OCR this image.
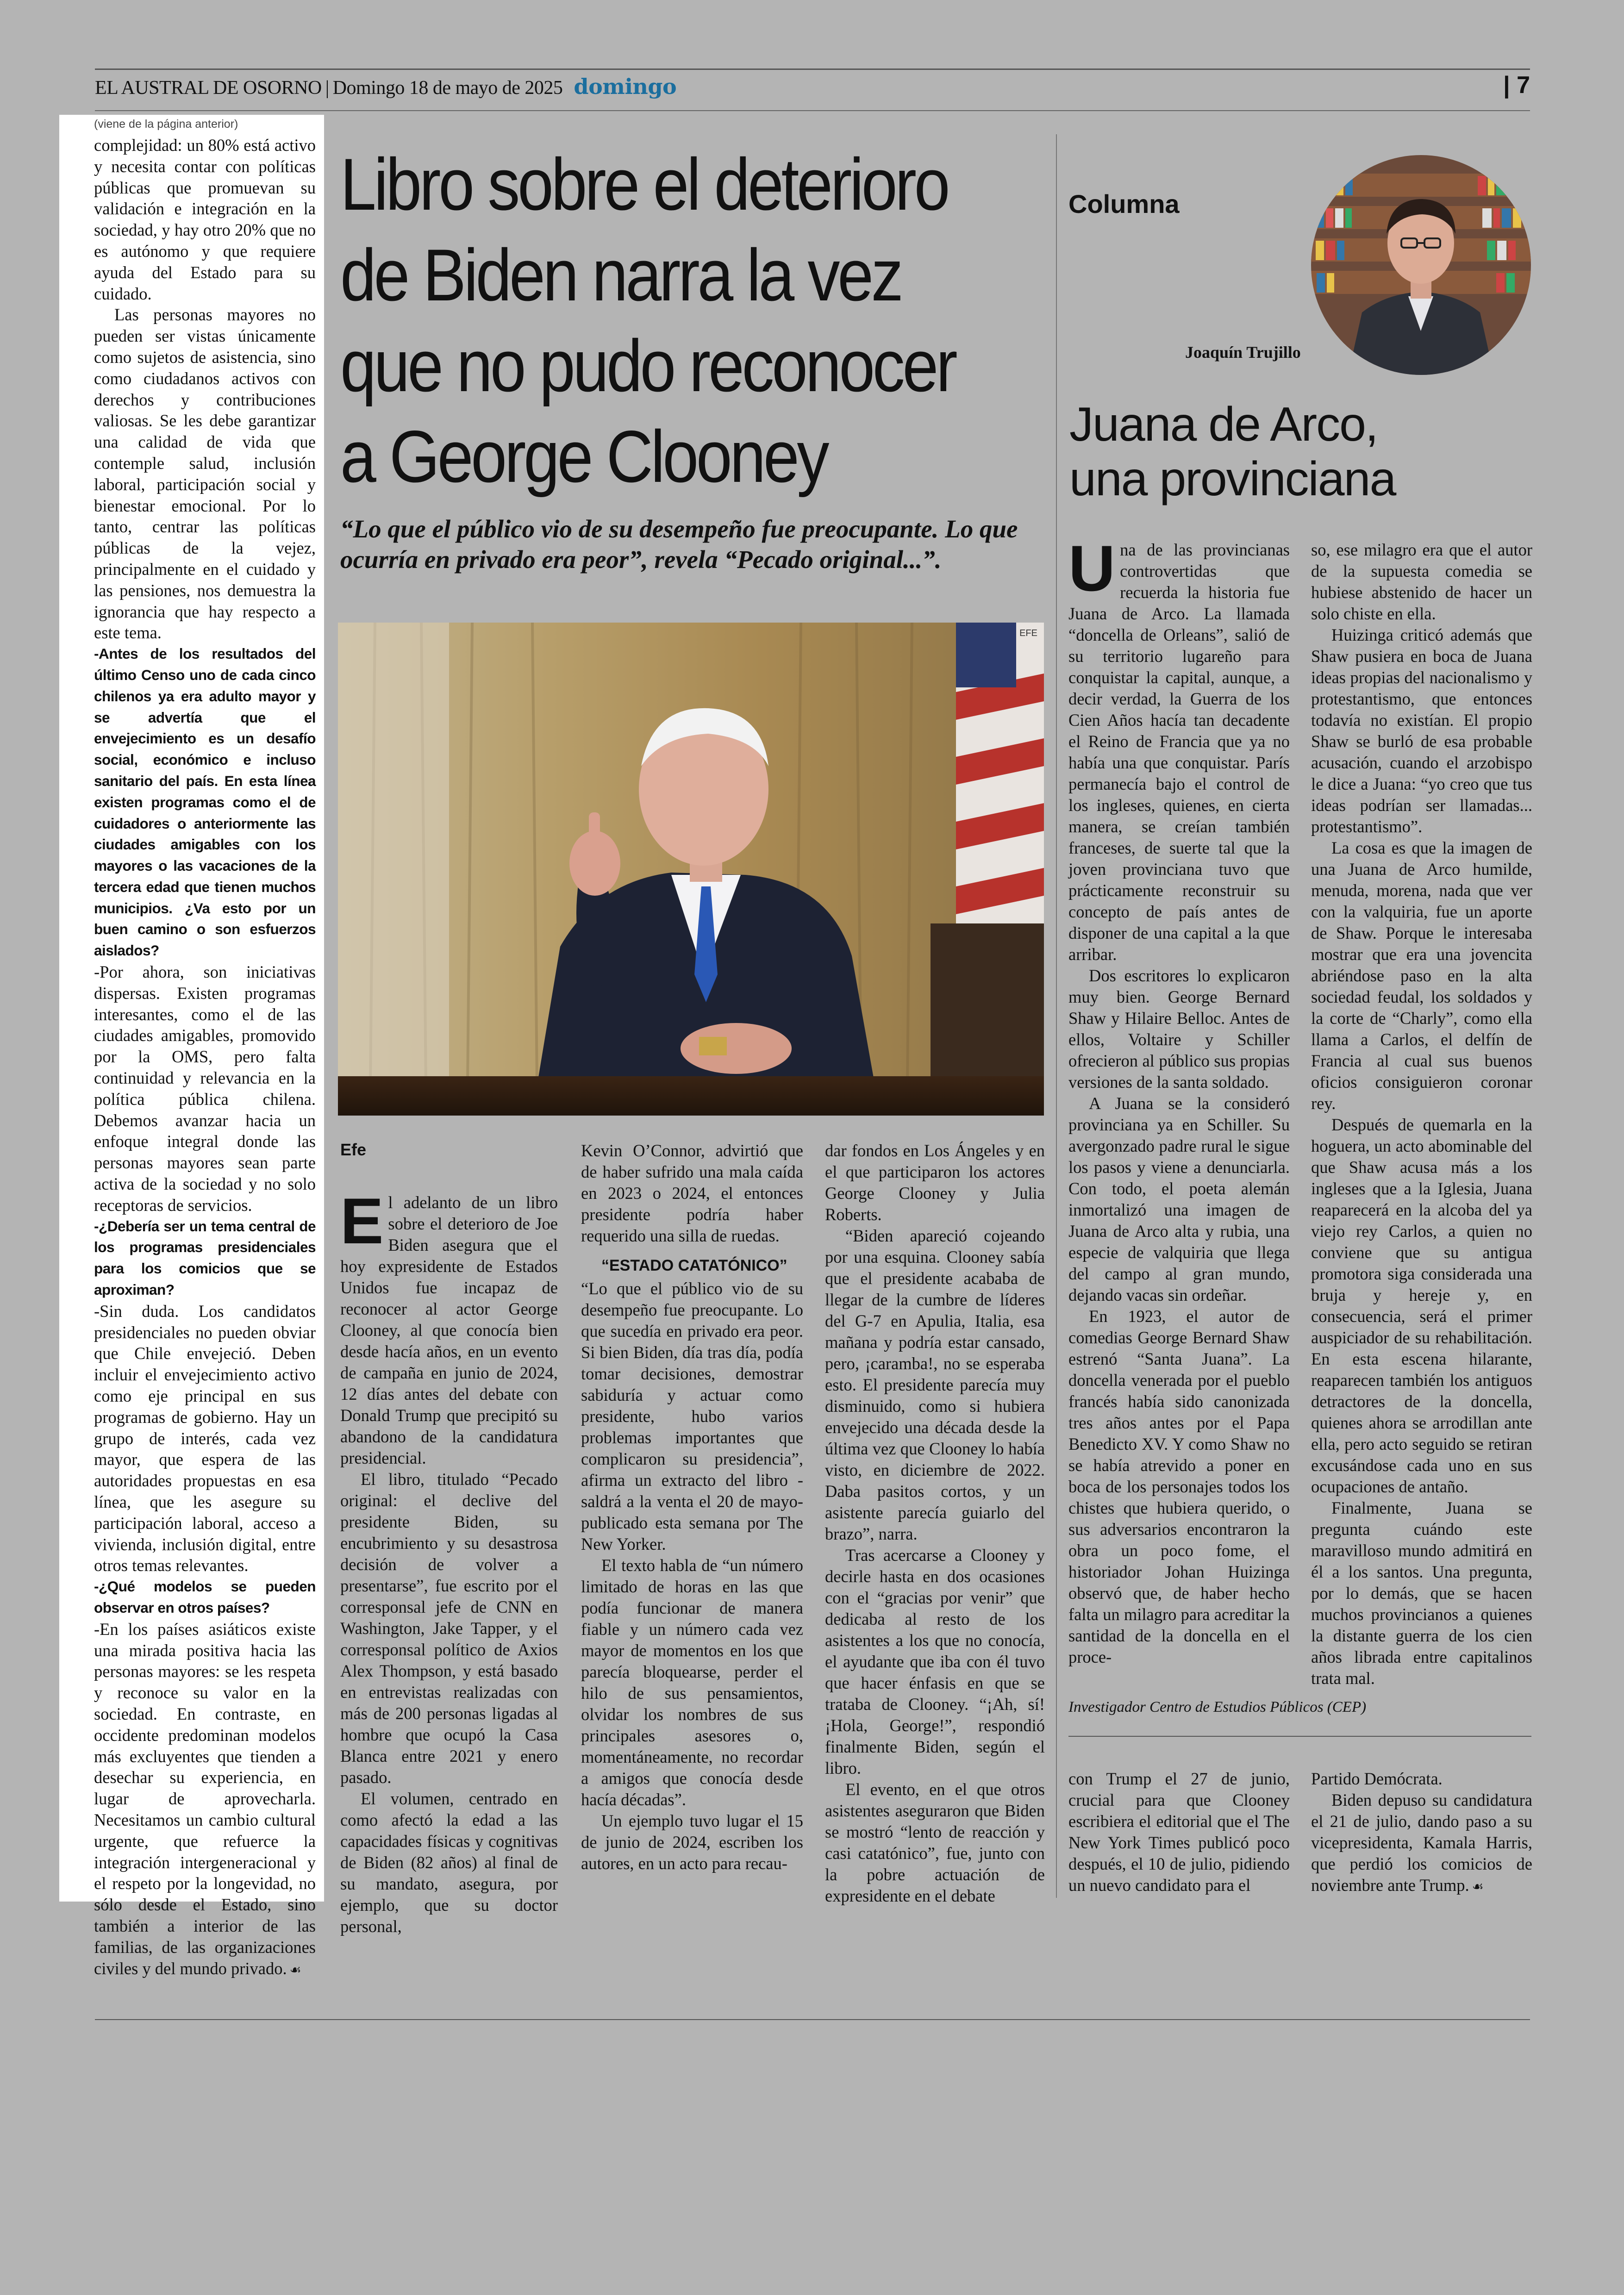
EL AUSTRAL DE OSORNO | Domingo 18 de mayo de 2025 domingo	| 7
(viene de la página anterior)

complejidad: un 80% está activo y necesita contar con políticas públicas que promuevan su validación e integración en la sociedad, y hay otro 20% que no es autónomo y que requiere ayuda del Estado para su cuidado.

Las personas mayores no pueden ser vistas únicamente como sujetos de asistencia, sino como ciudadanos activos con derechos y contribuciones valiosas. Se les debe garantizar una calidad de vida que contemple salud, inclusión laboral, participación social y bienestar emocional. Por lo tanto, centrar las políticas públicas de la vejez, principalmente en el cuidado y las pensiones, nos demuestra la ignorancia que hay respecto a este tema.

-Antes de los resultados del último Censo uno de cada cinco chilenos ya era adulto mayor y se advertía que el envejecimiento es un desafío social, económico e incluso sanitario del país. En esta línea existen programas como el de cuidadores o anteriormente las ciudades amigables con los mayores o las vacaciones de la tercera edad que tienen muchos municipios. ¿Va esto por un buen camino o son esfuerzos aislados?

-Por ahora, son iniciativas dispersas. Existen programas interesantes, como el de las ciudades amigables, promovido por la OMS, pero falta continuidad y relevancia en la política pública chilena. Debemos avanzar hacia un enfoque integral donde las personas mayores sean parte activa de la sociedad y no solo receptoras de servicios.

-¿Debería ser un tema central de los programas presidenciales para los comicios que se aproximan?

-Sin duda. Los candidatos presidenciales no pueden obviar que Chile envejeció. Deben incluir el envejecimiento activo como eje principal en sus programas de gobierno. Hay un grupo de interés, cada vez mayor, que espera de las autoridades propuestas en esa línea, que les asegure su participación laboral, acceso a vivienda, inclusión digital, entre otros temas relevantes.

-¿Qué modelos se pueden observar en otros países?

-En los países asiáticos existe una mirada positiva hacia las personas mayores: se les respeta y reconoce su valor en la sociedad. En contraste, en occidente predominan modelos más excluyentes que tienden a desechar su experiencia, en lugar de aprovecharla. Necesitamos un cambio cultural urgente, que refuerce la integración intergeneracional y el respeto por la longevidad, no sólo desde el Estado, sino también a interior de las familias, de las organizaciones civiles y del mundo privado. ☙

Libro sobre el deterioro
de Biden narra la vez
que no pudo reconocer
a George Clooney
“Lo que el público vio de su desempeño fue preocupante. Lo que ocurría en privado era peor”, revela “Pecado original...”.
EFE
Efe

El adelanto de un libro sobre el deterioro de Joe Biden asegura que el hoy expresidente de Estados Unidos fue incapaz de reconocer al actor George Clooney, al que conocía bien desde hacía años, en un evento de campaña en junio de 2024, 12 días antes del debate con Donald Trump que precipitó su abandono de la candidatura presidencial.

El libro, titulado “Pecado original: el declive del presidente Biden, su encubrimiento y su desastrosa decisión de volver a presentarse”, fue escrito por el corresponsal jefe de CNN en Washington, Jake Tapper, y el corresponsal político de Axios Alex Thompson, y está basado en entrevistas realizadas con más de 200 personas ligadas al hombre que ocupó la Casa Blanca entre 2021 y enero pasado.

El volumen, centrado en como afectó la edad a las capacidades físicas y cognitivas de Biden (82 años) al final de su mandato, asegura, por ejemplo, que su doctor personal,

Kevin O’Connor, advirtió que de haber sufrido una mala caída en 2023 o 2024, el entonces presidente podría haber requerido una silla de ruedas.

“ESTADO CATATÓNICO”

“Lo que el público vio de su desempeño fue preocupante. Lo que sucedía en privado era peor. Si bien Biden, día tras día, podía tomar decisiones, demostrar sabiduría y actuar como presidente, hubo varios problemas importantes que complicaron su presidencia”, afirma un extracto del libro -saldrá a la venta el 20 de mayo- publicado esta semana por The New Yorker.

El texto habla de “un número limitado de horas en las que podía funcionar de manera fiable y un número cada vez mayor de momentos en los que parecía bloquearse, perder el hilo de sus pensamientos, olvidar los nombres de sus principales asesores o, momentáneamente, no recordar a amigos que conocía desde hacía décadas”.

Un ejemplo tuvo lugar el 15 de junio de 2024, escriben los autores, en un acto para recau-

dar fondos en Los Ángeles y en el que participaron los actores George Clooney y Julia Roberts.

“Biden apareció cojeando por una esquina. Clooney sabía que el presidente acababa de llegar de la cumbre de líderes del G-7 en Apulia, Italia, esa mañana y podría estar cansado, pero, ¡caramba!, no se esperaba esto. El presidente parecía muy disminuido, como si hubiera envejecido una década desde la última vez que Clooney lo había visto, en diciembre de 2022. Daba pasitos cortos, y un asistente parecía guiarlo del brazo”, narra.

Tras acercarse a Clooney y decirle hasta en dos ocasiones con el “gracias por venir” que dedicaba al resto de los asistentes a los que no conocía, el ayudante que iba con él tuvo que hacer énfasis en que se trataba de Clooney. “¡Ah, sí! ¡Hola, George!”, respondió finalmente Biden, según el libro.

El evento, en el que otros asistentes aseguraron que Biden se mostró “lento de reacción y casi catatónico”, fue, junto con la pobre actuación de expresidente en el debate

con Trump el 27 de junio, crucial para que Clooney escribiera el editorial que el The New York Times publicó poco después, el 10 de julio, pidiendo un nuevo candidato para el

Partido Demócrata.

Biden depuso su candidatura el 21 de julio, dando paso a su vicepresidenta, Kamala Harris, que perdió los comicios de noviembre ante Trump. ☙

Columna
Joaquín Trujillo
Juana de Arco,
una provinciana

Una de las provincianas controvertidas que recuerda la historia fue Juana de Arco. La llamada “doncella de Orleans”, salió de su territorio lugareño para conquistar la capital, aunque, a decir verdad, la Guerra de los Cien Años hacía tan decadente el Reino de Francia que ya no había una que conquistar. París permanecía bajo el control de los ingleses, quienes, en cierta manera, se creían también franceses, de suerte tal que la joven provinciana tuvo que prácticamente reconstruir su concepto de país antes de disponer de una capital a la que arribar.

Dos escritores lo explicaron muy bien. George Bernard Shaw y Hilaire Belloc. Antes de ellos, Voltaire y Schiller ofrecieron al público sus propias versiones de la santa soldado.

A Juana se la consideró provinciana ya en Schiller. Su avergonzado padre rural le sigue los pasos y viene a denunciarla. Con todo, el poeta alemán inmortalizó una imagen de Juana de Arco alta y rubia, una especie de valquiria que llega del campo al gran mundo, dejando vacas sin ordeñar.

En 1923, el autor de comedias George Bernard Shaw estrenó “Santa Juana”. La doncella venerada por el pueblo francés había sido canonizada tres años antes por el Papa Benedicto XV. Y como Shaw no se había atrevido a poner en boca de los personajes todos los chistes que hubiera querido, o sus adversarios encontraron la obra un poco fome, el historiador Johan Huizinga observó que, de haber hecho falta un milagro para acreditar la santidad de la doncella en el proce-

so, ese milagro era que el autor de la supuesta comedia se hubiese abstenido de hacer un solo chiste en ella.

Huizinga criticó además que Shaw pusiera en boca de Juana ideas propias del nacionalismo y protestantismo, que entonces todavía no existían. El propio Shaw se burló de esa probable acusación, cuando el arzobispo le dice a Juana: “yo creo que tus ideas podrían ser llamadas... protestantismo”.

La cosa es que la imagen de una Juana de Arco humilde, menuda, morena, nada que ver con la valquiria, fue un aporte de Shaw. Porque le interesaba mostrar que era una jovencita abriéndose paso en la alta sociedad feudal, los soldados y la corte de “Charly”, como ella llama a Carlos, el delfín de Francia al cual sus buenos oficios consiguieron coronar rey.

Después de quemarla en la hoguera, un acto abominable del que Shaw acusa más a los ingleses que a la Iglesia, Juana reaparecerá en la alcoba del ya viejo rey Carlos, a quien no conviene que su antigua promotora siga considerada una bruja y hereje y, en consecuencia, será el primer auspiciador de su rehabilitación. En esta escena hilarante, reaparecen también los antiguos detractores de la doncella, quienes ahora se arrodillan ante ella, pero acto seguido se retiran excusándose cada uno en sus ocupaciones de antaño.

Finalmente, Juana se pregunta cuándo este maravilloso mundo admitirá en él a los santos. Una pregunta, por lo demás, que se hacen muchos provincianos a quienes la distante guerra de los cien años librada entre capitalinos trata mal.

Investigador Centro de Estudios Públicos (CEP)
